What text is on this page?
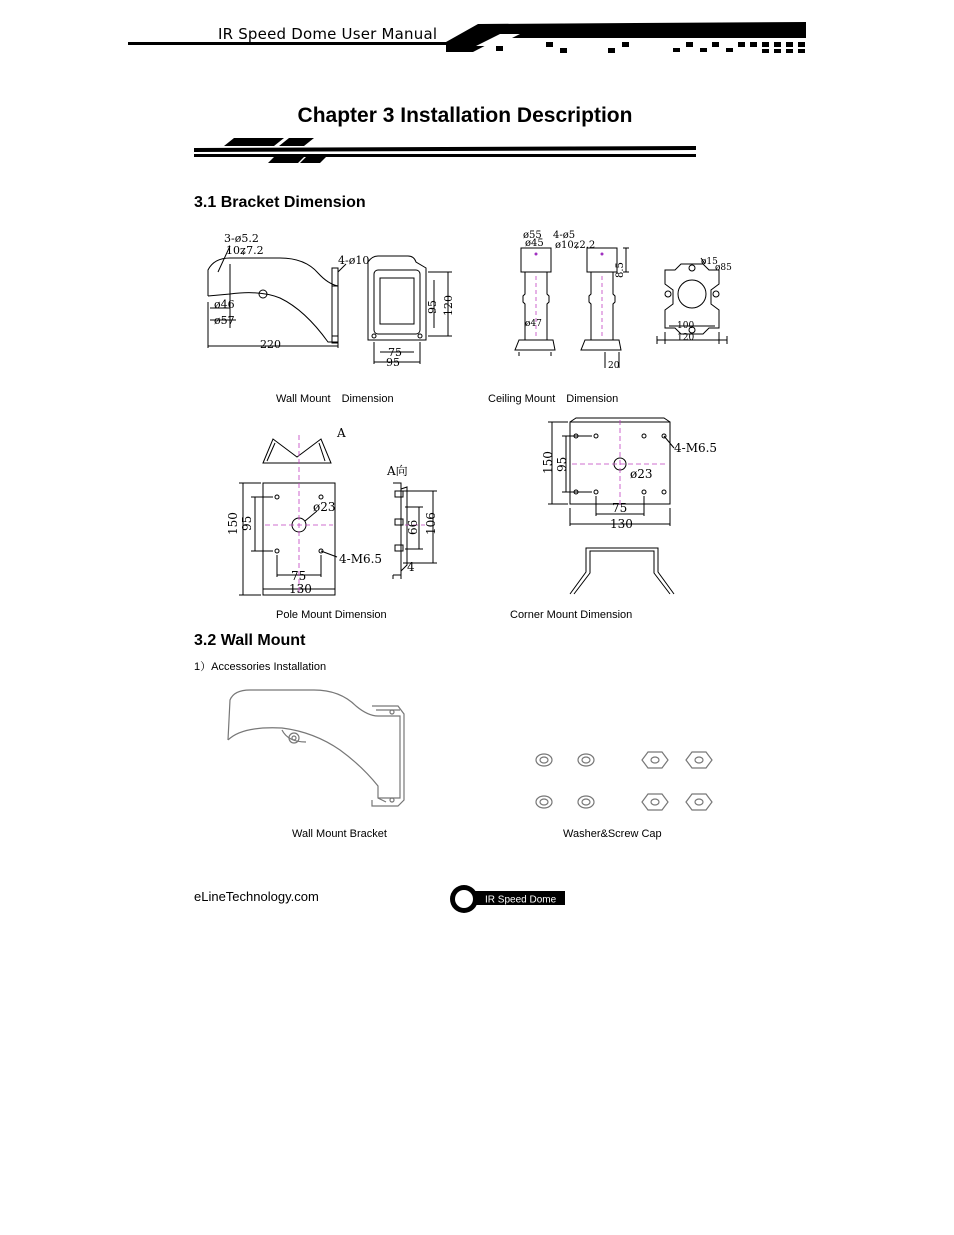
IR Speed Dome User Manual
Chapter 3 Installation Description
3.1 Bracket Dimension
3-ø5.2
10ʑ7.2
4-ø10
ø46
ø57
220
95 120
75
95
Wall Mount　Dimension
ø55
ø45
4-ø5
ø10ʑ2.2
8.5
ø47
20
ø15
ø85
100
120
Ceiling Mount　Dimension
A
A向
ø23
150 95
4-M6.5
75
130
66 106
4
Pole Mount Dimension
150 95
4-M6.5
ø23
75
130
Corner Mount Dimension
3.2 Wall Mount
1）Accessories Installation
Wall Mount Bracket	Washer&Screw Cap
eLineTechnology.com	IR Speed Dome
